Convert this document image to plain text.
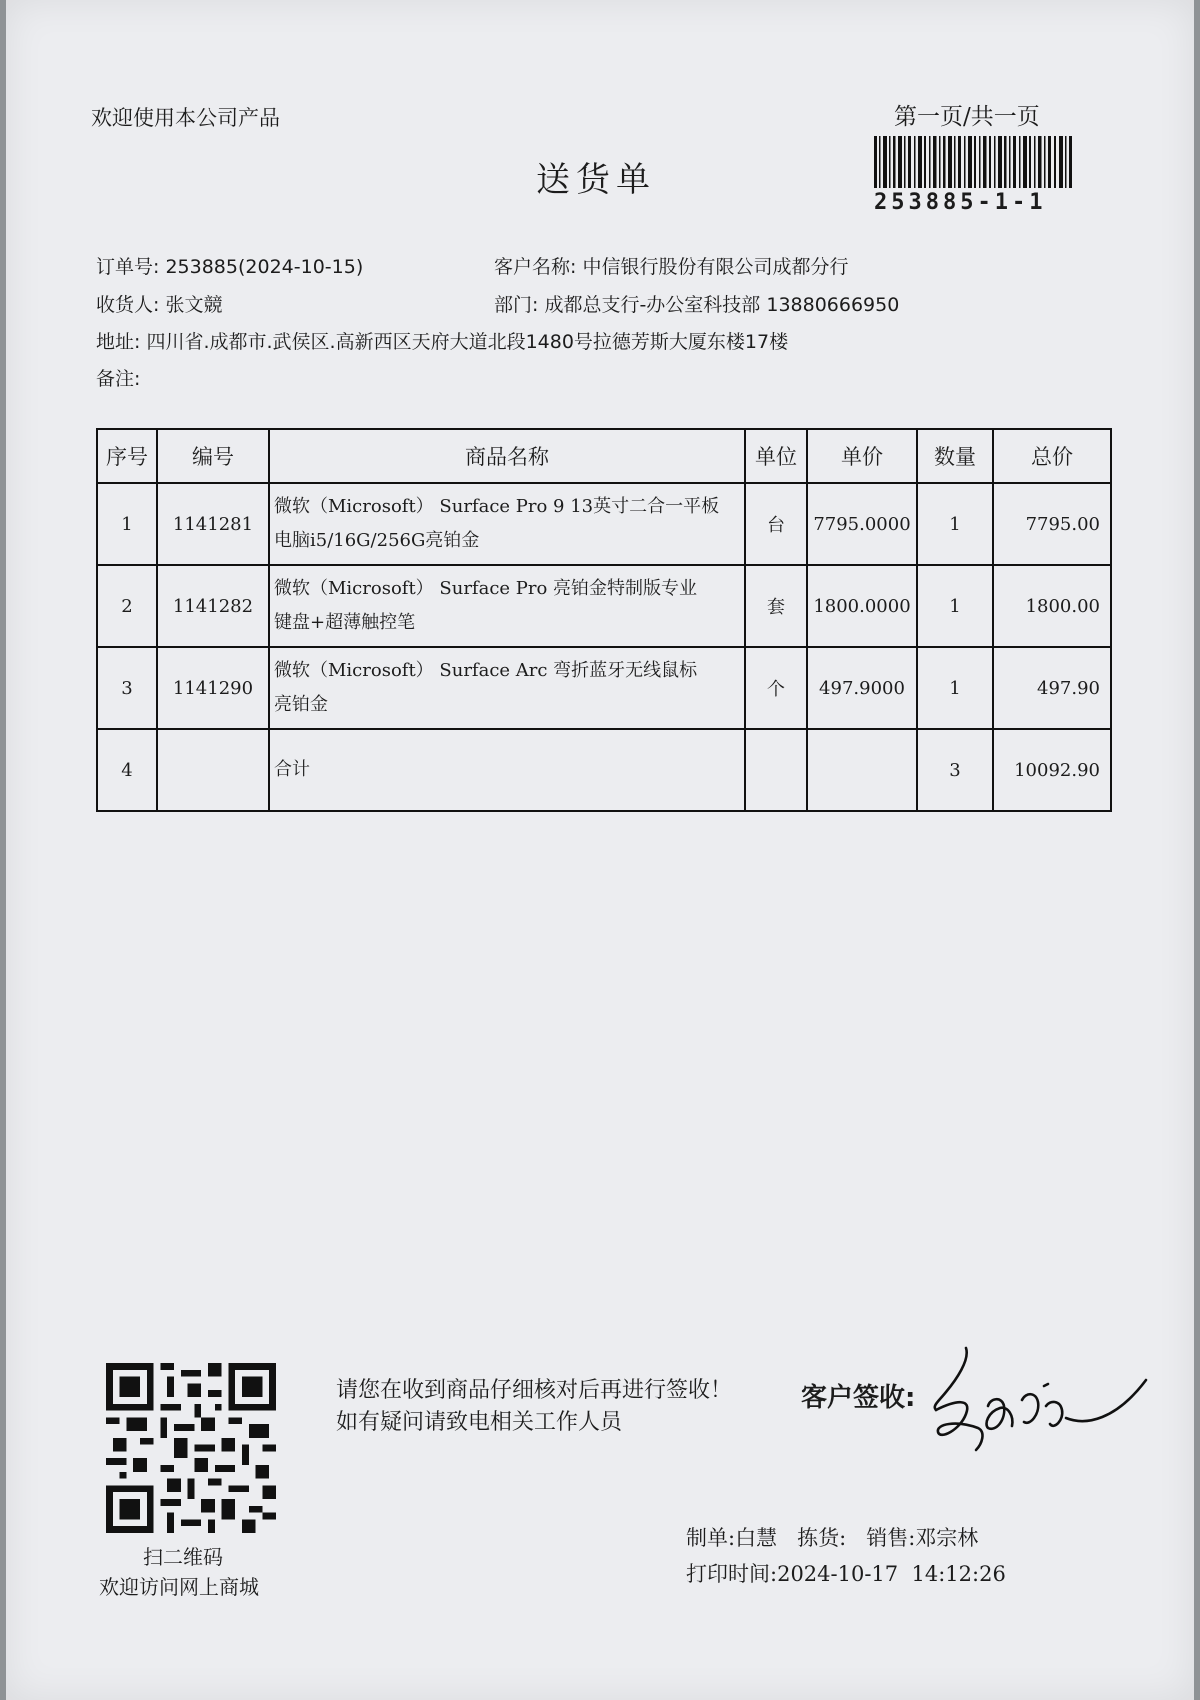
欢迎使用本公司产品	第一页/共一页
送货单
253885-1-1
订单号: 253885(2024-10-15)	客户名称: 中信银行股份有限公司成都分行
收货人: 张文競	部门: 成都总支行-办公室科技部 13880666950
地址: 四川省.成都市.武侯区.高新西区天府大道北段1480号拉德芳斯大厦东楼17楼
备注:
序号	编号	商品名称	单位	单价	数量	总价
1	1141281	微软（Microsoft） Surface Pro 9 13英寸二合一平板
电脑i5/16G/256G亮铂金	台	7795.0000	1	7795.00
2	1141282	微软（Microsoft） Surface Pro 亮铂金特制版专业
键盘+超薄触控笔	套	1800.0000	1	1800.00
3	1141290	微软（Microsoft） Surface Arc 弯折蓝牙无线鼠标
亮铂金	个	497.9000	1	497.90
4		合计			3	10092.90
扫二维码
欢迎访问网上商城
请您在收到商品仔细核对后再进行签收！如有疑问请致电相关工作人员
客户签收:
制单:白慧 拣货: 销售:邓宗林
打印时间:2024-10-17  14:12:26
